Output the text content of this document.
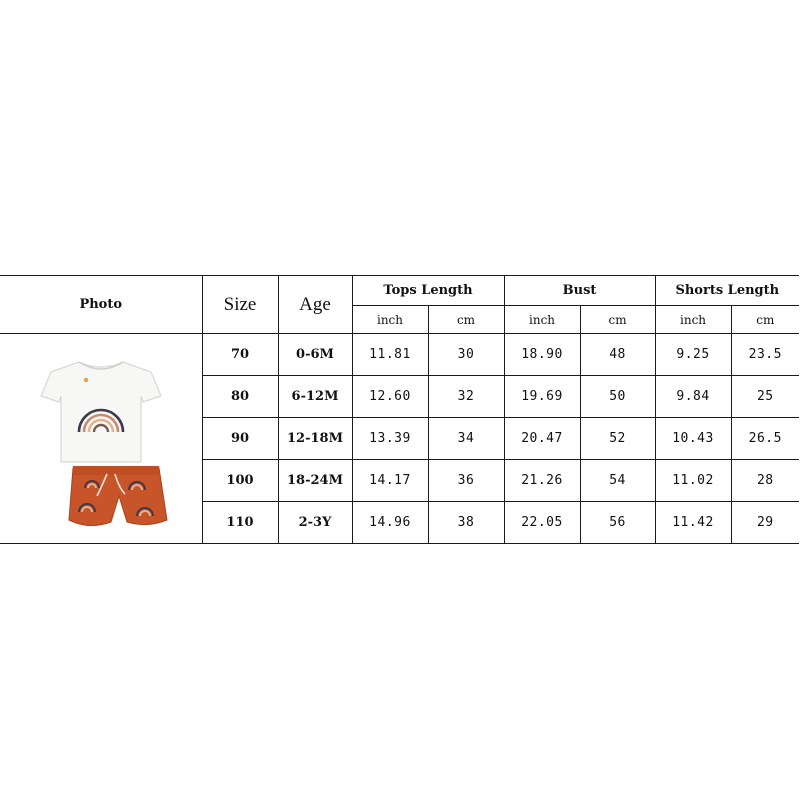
Photo	Size	Age	Tops Length		Bust		Shorts Length	
			inch	cm	inch	cm	inch	cm

	70	0-6M	11.81	30	18.90	48	9.25	23.5
	80	6-12M	12.60	32	19.69	50	9.84	25
	90	12-18M	13.39	34	20.47	52	10.43	26.5
	100	18-24M	14.17	36	21.26	54	11.02	28
	110	2-3Y	14.96	38	22.05	56	11.42	29
